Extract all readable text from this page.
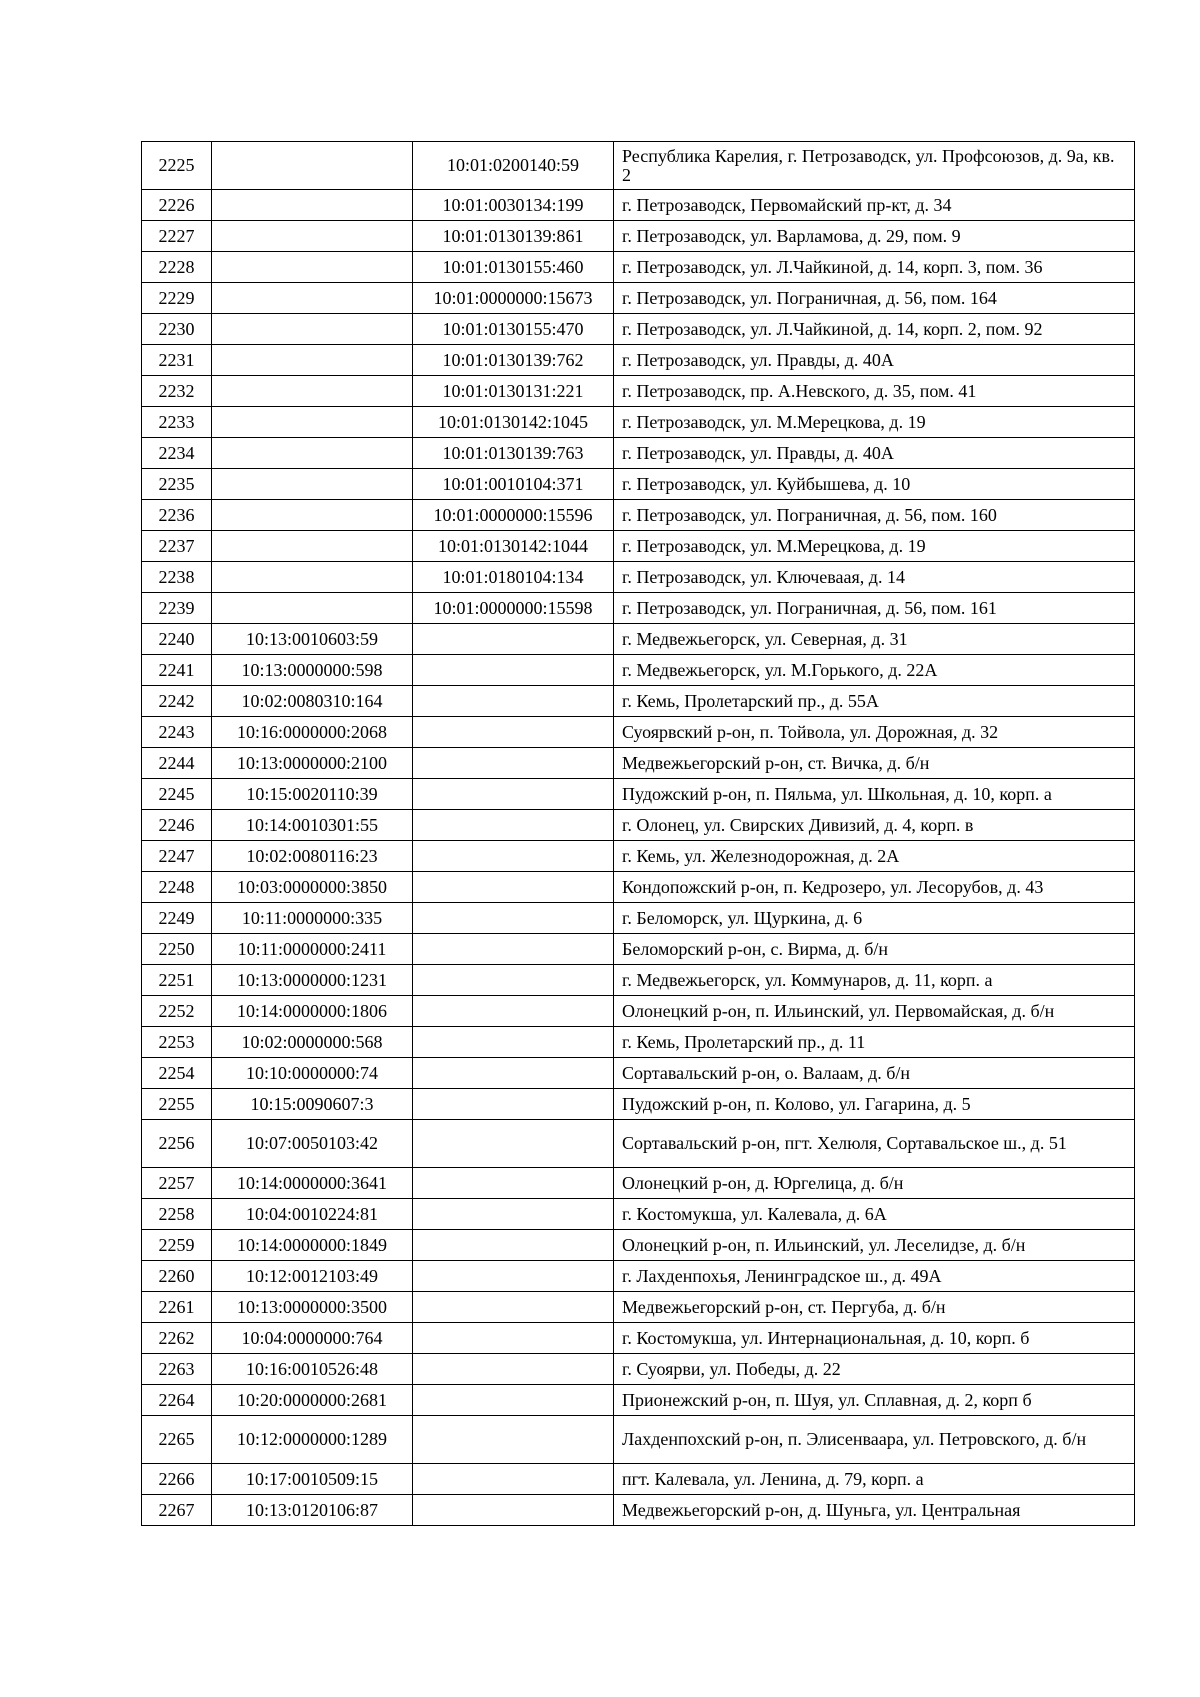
2225		10:01:0200140:59	Республика Карелия, г. Петрозаводск, ул. Профсоюзов, д. 9а, кв. 2
2226		10:01:0030134:199	г. Петрозаводск, Первомайский пр-кт, д. 34
2227		10:01:0130139:861	г. Петрозаводск, ул. Варламова, д. 29, пом. 9
2228		10:01:0130155:460	г. Петрозаводск, ул. Л.Чайкиной, д. 14, корп. 3, пом. 36
2229		10:01:0000000:15673	г. Петрозаводск, ул. Пограничная, д. 56, пом. 164
2230		10:01:0130155:470	г. Петрозаводск, ул. Л.Чайкиной, д. 14, корп. 2, пом. 92
2231		10:01:0130139:762	г. Петрозаводск, ул. Правды, д. 40А
2232		10:01:0130131:221	г. Петрозаводск, пр. А.Невского, д. 35, пом. 41
2233		10:01:0130142:1045	г. Петрозаводск, ул. М.Мерецкова, д. 19
2234		10:01:0130139:763	г. Петрозаводск, ул. Правды, д. 40А
2235		10:01:0010104:371	г. Петрозаводск, ул. Куйбышева, д. 10
2236		10:01:0000000:15596	г. Петрозаводск, ул. Пограничная, д. 56, пом. 160
2237		10:01:0130142:1044	г. Петрозаводск, ул. М.Мерецкова, д. 19
2238		10:01:0180104:134	г. Петрозаводск, ул. Ключеваая, д. 14
2239		10:01:0000000:15598	г. Петрозаводск, ул. Пограничная, д. 56, пом. 161
2240	10:13:0010603:59		г. Медвежьегорск, ул. Северная, д. 31
2241	10:13:0000000:598		г. Медвежьегорск, ул. М.Горького, д. 22А
2242	10:02:0080310:164		г. Кемь, Пролетарский пр., д. 55А
2243	10:16:0000000:2068		Суоярвский р-он, п. Тойвола, ул. Дорожная, д. 32
2244	10:13:0000000:2100		Медвежьегорский р-он, ст. Вичка, д. б/н
2245	10:15:0020110:39		Пудожский р-он, п. Пяльма, ул. Школьная, д. 10, корп. а
2246	10:14:0010301:55		г. Олонец, ул. Свирских Дивизий, д. 4, корп. в
2247	10:02:0080116:23		г. Кемь, ул. Железнодорожная, д. 2А
2248	10:03:0000000:3850		Кондопожский р-он, п. Кедрозеро, ул. Лесорубов, д. 43
2249	10:11:0000000:335		г. Беломорск, ул. Щуркина, д. 6
2250	10:11:0000000:2411		Беломорский р-он, с. Вирма, д. б/н
2251	10:13:0000000:1231		г. Медвежьегорск, ул. Коммунаров, д. 11, корп. а
2252	10:14:0000000:1806		Олонецкий р-он, п. Ильинский, ул. Первомайская, д. б/н
2253	10:02:0000000:568		г. Кемь, Пролетарский пр., д. 11
2254	10:10:0000000:74		Сортавальский р-он, о. Валаам, д. б/н
2255	10:15:0090607:3		Пудожский р-он, п. Колово, ул. Гагарина, д. 5
2256	10:07:0050103:42		Сортавальский р-он, пгт. Хелюля, Сортавальское ш., д. 51
2257	10:14:0000000:3641		Олонецкий р-он, д. Юргелица, д. б/н
2258	10:04:0010224:81		г. Костомукша, ул. Калевала, д. 6А
2259	10:14:0000000:1849		Олонецкий р-он, п. Ильинский, ул. Леселидзе, д. б/н
2260	10:12:0012103:49		г. Лахденпохья, Ленинградское ш., д. 49А
2261	10:13:0000000:3500		Медвежьегорский р-он, ст. Пергуба, д. б/н
2262	10:04:0000000:764		г. Костомукша, ул. Интернациональная, д. 10, корп. б
2263	10:16:0010526:48		г. Суоярви, ул. Победы, д. 22
2264	10:20:0000000:2681		Прионежский р-он, п. Шуя, ул. Сплавная, д. 2, корп б
2265	10:12:0000000:1289		Лахденпохский р-он, п. Элисенваара, ул. Петровского, д. б/н
2266	10:17:0010509:15		пгт. Калевала, ул. Ленина, д. 79, корп. а
2267	10:13:0120106:87		Медвежьегорский р-он, д. Шуньга, ул. Центральная
